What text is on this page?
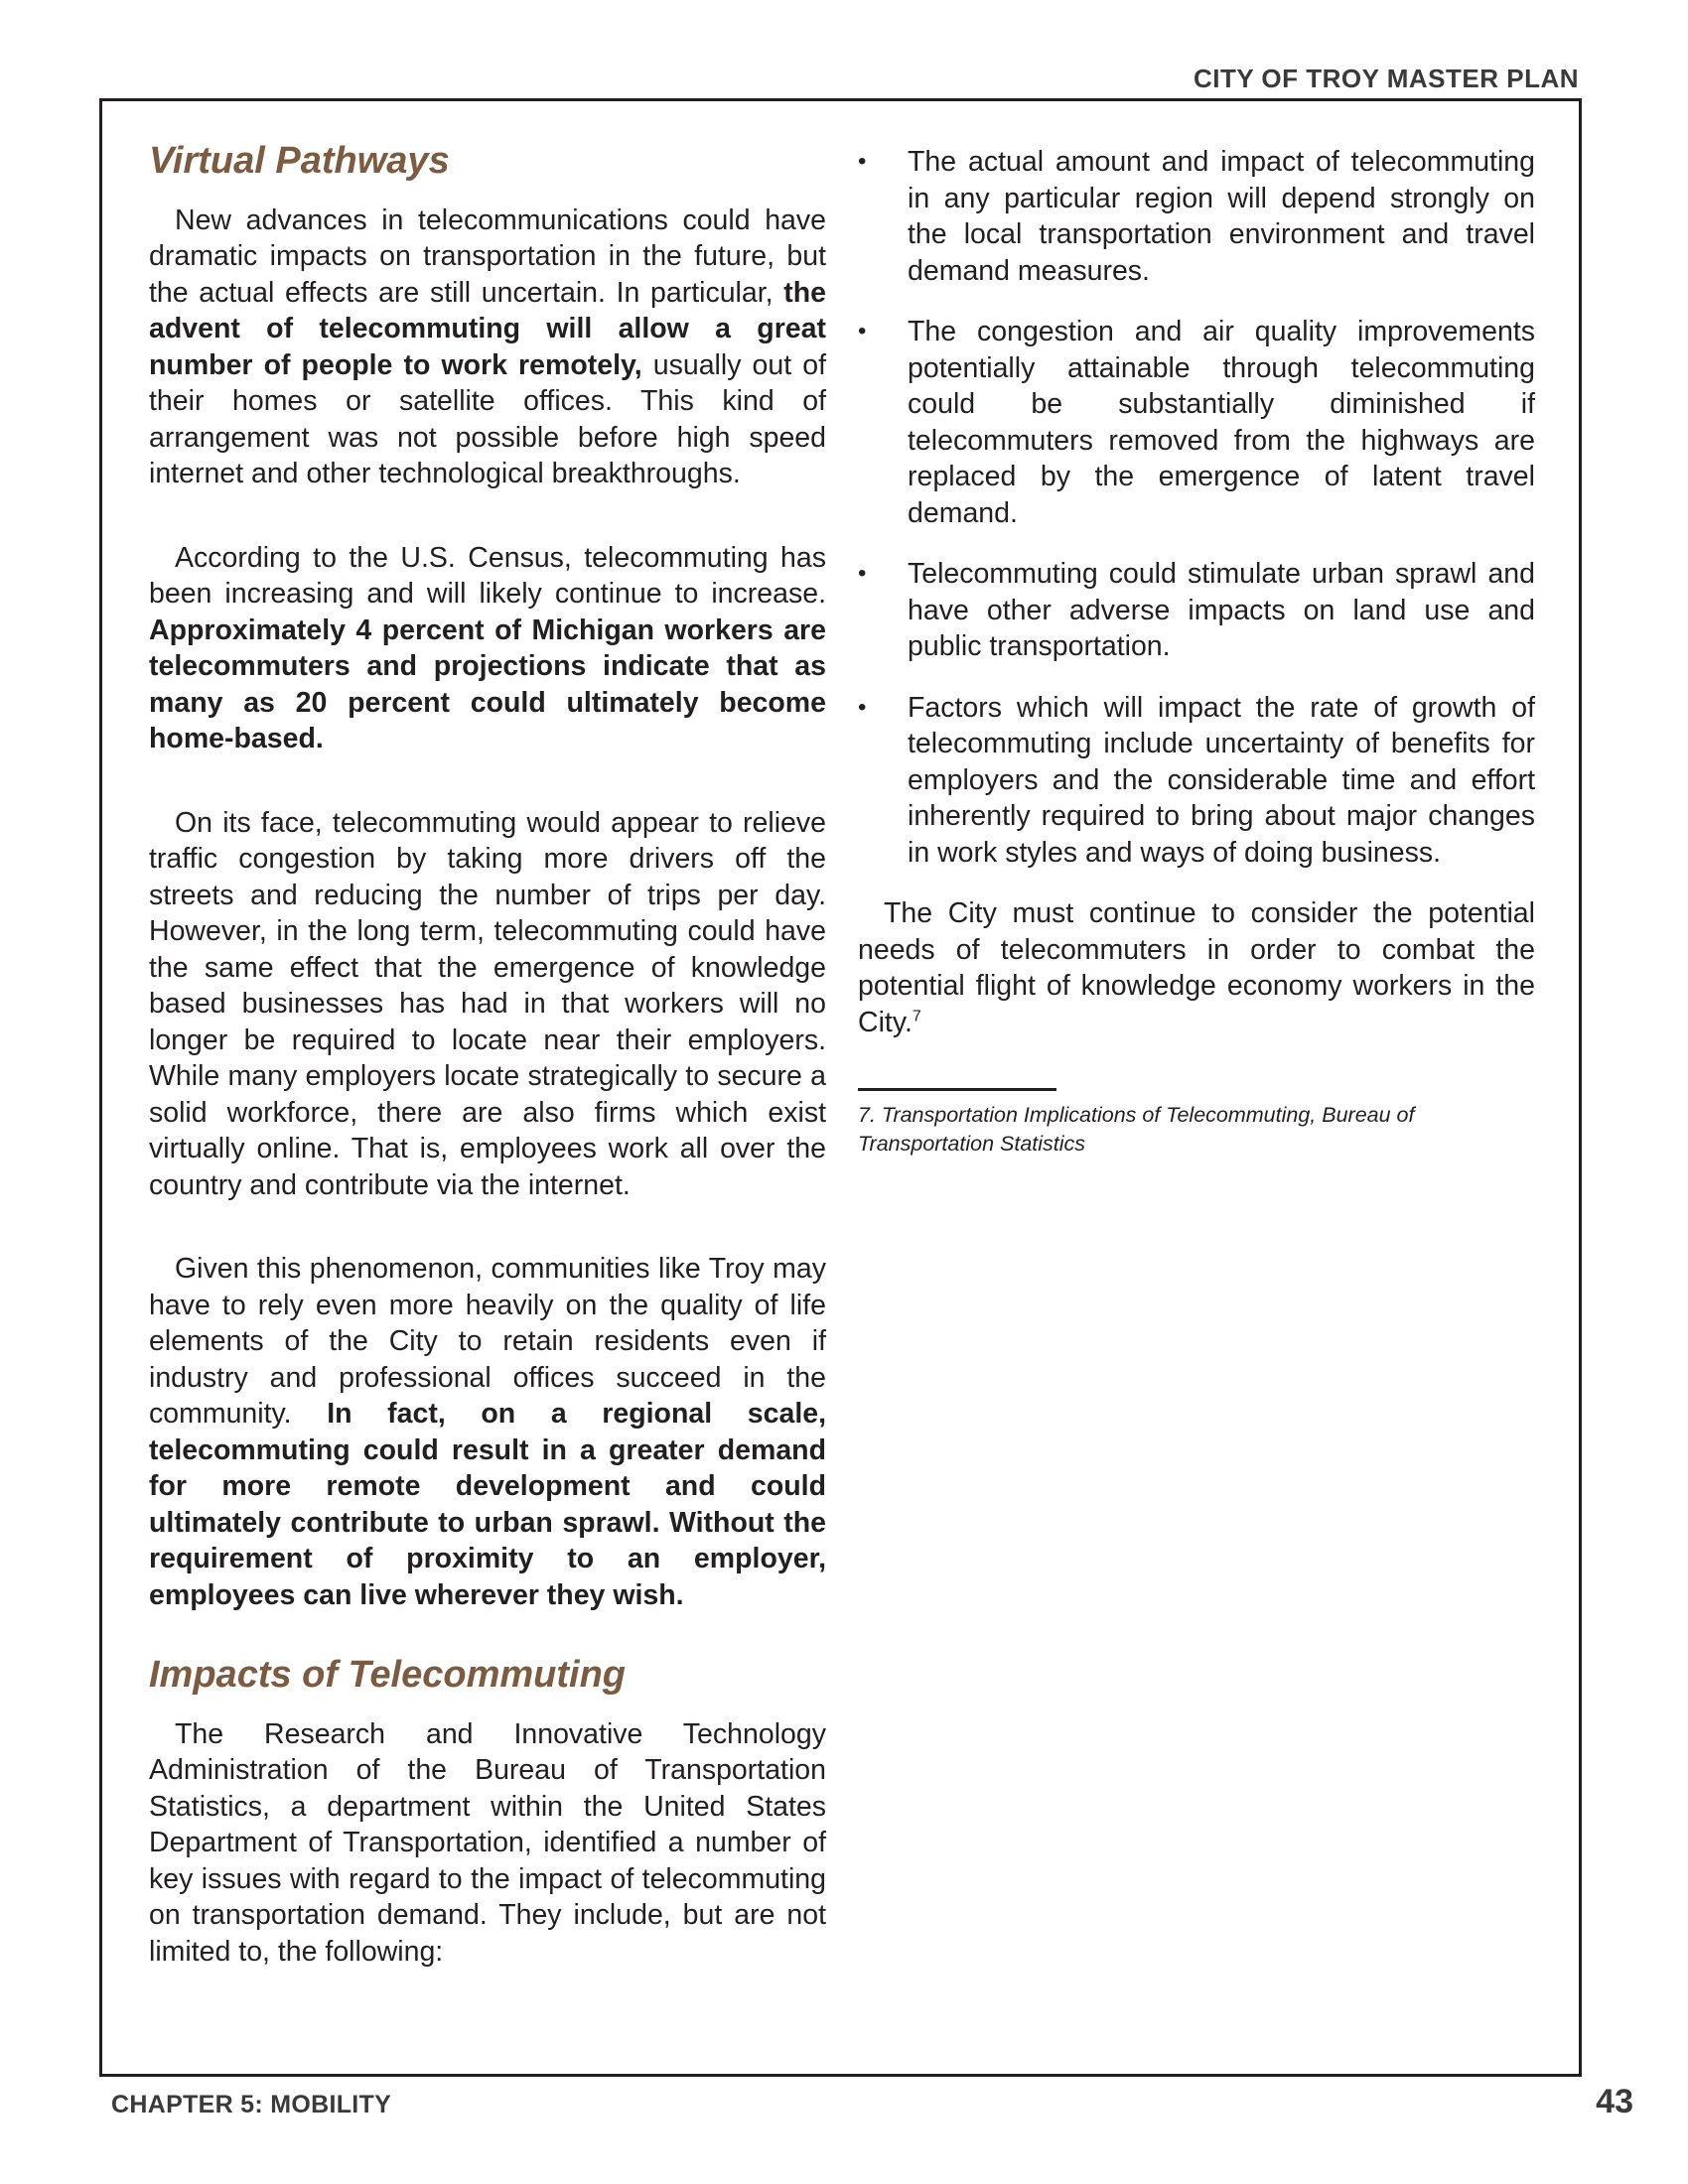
CITY OF TROY MASTER PLAN
Virtual Pathways

New advances in telecommunications could have dramatic impacts on transportation in the future, but the actual effects are still uncertain. In particular, the advent of telecommuting will allow a great number of people to work remotely, usually out of their homes or satellite offices. This kind of arrangement was not possible before high speed internet and other technological breakthroughs.

According to the U.S. Census, telecommuting has been increasing and will likely continue to increase. Approximately 4 percent of Michigan workers are telecommuters and projections indicate that as many as 20 percent could ultimately become home-based.

On its face, telecommuting would appear to relieve traffic congestion by taking more drivers off the streets and reducing the number of trips per day. However, in the long term, telecommuting could have the same effect that the emergence of knowledge based businesses has had in that workers will no longer be required to locate near their employers. While many employers locate strategically to secure a solid workforce, there are also firms which exist virtually online. That is, employees work all over the country and contribute via the internet.

Given this phenomenon, communities like Troy may have to rely even more heavily on the quality of life elements of the City to retain residents even if industry and professional offices succeed in the community. In fact, on a regional scale, telecommuting could result in a greater demand for more remote development and could ultimately contribute to urban sprawl. Without the requirement of proximity to an employer, employees can live wherever they wish.

Impacts of Telecommuting

The Research and Innovative Technology Administration of the Bureau of Transportation Statistics, a department within the United States Department of Transportation, identified a number of key issues with regard to the impact of telecommuting on transportation demand. They include, but are not limited to, the following:

• The actual amount and impact of telecommuting in any particular region will depend strongly on the local transportation environment and travel demand measures.
• The congestion and air quality improvements potentially attainable through telecommuting could be substantially diminished if telecommuters removed from the highways are replaced by the emergence of latent travel demand.
• Telecommuting could stimulate urban sprawl and have other adverse impacts on land use and public transportation.
• Factors which will impact the rate of growth of telecommuting include uncertainty of benefits for employers and the considerable time and effort inherently required to bring about major changes in work styles and ways of doing business.

The City must continue to consider the potential needs of telecommuters in order to combat the potential flight of knowledge economy workers in the City.$^7$

7. Transportation Implications of Telecommuting, Bureau of Transportation Statistics

CHAPTER 5: MOBILITY	43
